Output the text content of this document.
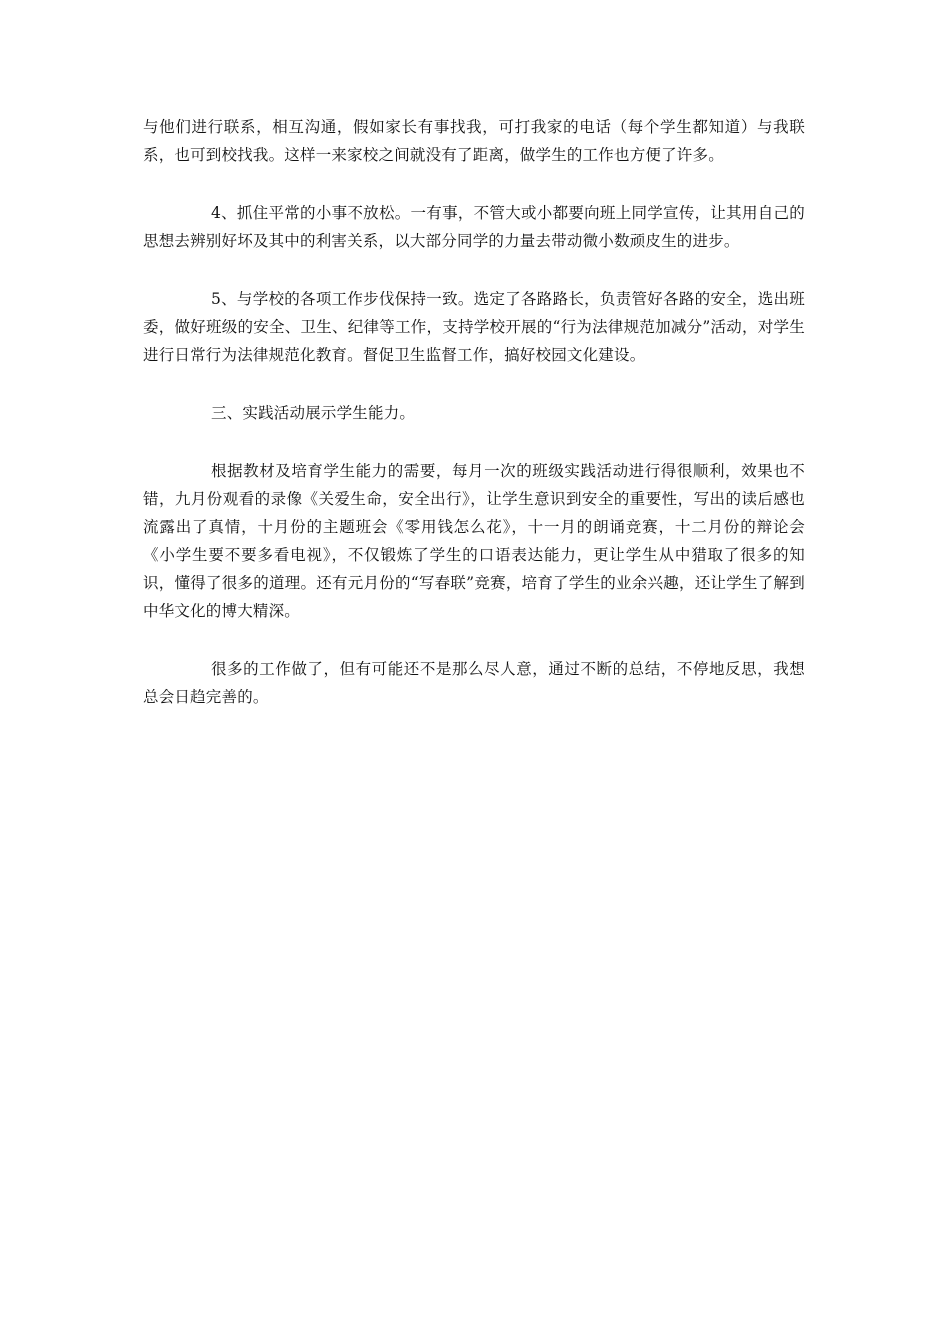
与他们进行联系，相互沟通，假如家长有事找我，可打我家的电话（每个学生都知道）与我联系，也可到校找我。这样一来家校之间就没有了距离，做学生的工作也方便了许多。

4、抓住平常的小事不放松。一有事，不管大或小都要向班上同学宣传，让其用自己的思想去辨别好坏及其中的利害关系，以大部分同学的力量去带动微小数顽皮生的进步。

5、与学校的各项工作步伐保持一致。选定了各路路长，负责管好各路的安全，选出班委，做好班级的安全、卫生、纪律等工作，支持学校开展的“行为法律规范加减分”活动，对学生进行日常行为法律规范化教育。督促卫生监督工作，搞好校园文化建设。

三、实践活动展示学生能力。

根据教材及培育学生能力的需要，每月一次的班级实践活动进行得很顺利，效果也不错，九月份观看的录像《关爱生命，安全出行》，让学生意识到安全的重要性，写出的读后感也流露出了真情，十月份的主题班会《零用钱怎么花》，十一月的朗诵竞赛，十二月份的辩论会《小学生要不要多看电视》，不仅锻炼了学生的口语表达能力，更让学生从中猎取了很多的知识，懂得了很多的道理。还有元月份的“写春联”竞赛，培育了学生的业余兴趣，还让学生了解到中华文化的博大精深。

很多的工作做了，但有可能还不是那么尽人意，通过不断的总结，不停地反思，我想总会日趋完善的。
